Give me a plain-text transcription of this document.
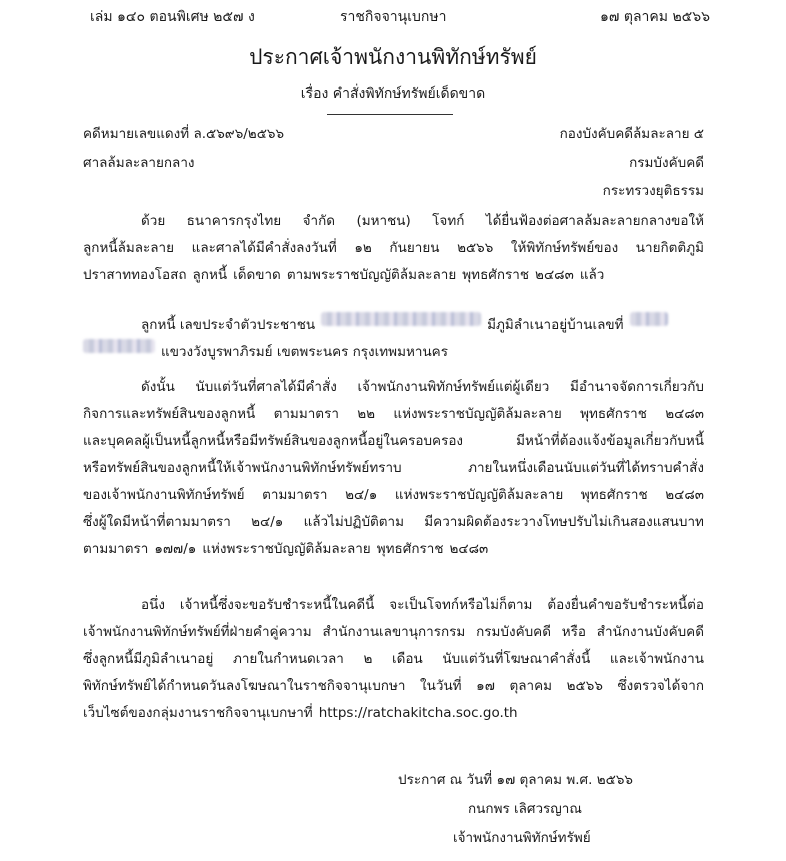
เล่ม ๑๔๐ ตอนพิเศษ ๒๕๗ ง	ราชกิจจานุเบกษา	๑๗ ตุลาคม ๒๕๖๖
ประกาศเจ้าพนักงานพิทักษ์ทรัพย์
เรื่อง คำสั่งพิทักษ์ทรัพย์เด็ดขาด
คดีหมายเลขแดงที่ ล.๕๖๙๖/๒๕๖๖
ศาลล้มละลายกลาง
กองบังคับคดีล้มละลาย ๕
กรมบังคับคดี
กระทรวงยุติธรรม
ด้วย ธนาคารกรุงไทย จำกัด (มหาชน) โจทก์ ได้ยื่นฟ้องต่อศาลล้มละลายกลางขอให้
ลูกหนี้ล้มละลาย และศาลได้มีคำสั่งลงวันที่ ๑๒ กันยายน ๒๕๖๖ ให้พิทักษ์ทรัพย์ของ นายกิตติภูมิ
ปราสาททองโอสถ ลูกหนี้ เด็ดขาด ตามพระราชบัญญัติล้มละลาย พุทธศักราช ๒๔๘๓ แล้ว
ลูกหนี้ เลขประจำตัวประชาชน	มีภูมิลำเนาอยู่บ้านเลขที่
แขวงวังบูรพาภิรมย์ เขตพระนคร กรุงเทพมหานคร
ดังนั้น นับแต่วันที่ศาลได้มีคำสั่ง เจ้าพนักงานพิทักษ์ทรัพย์แต่ผู้เดียว มีอำนาจจัดการเกี่ยวกับ
กิจการและทรัพย์สินของลูกหนี้ ตามมาตรา ๒๒ แห่งพระราชบัญญัติล้มละลาย พุทธศักราช ๒๔๘๓
และบุคคลผู้เป็นหนี้ลูกหนี้หรือมีทรัพย์สินของลูกหนี้อยู่ในครอบครอง	มีหน้าที่ต้องแจ้งข้อมูลเกี่ยวกับหนี้
หรือทรัพย์สินของลูกหนี้ให้เจ้าพนักงานพิทักษ์ทรัพย์ทราบ	ภายในหนึ่งเดือนนับแต่วันที่ได้ทราบคำสั่ง
ของเจ้าพนักงานพิทักษ์ทรัพย์ ตามมาตรา ๒๔/๑ แห่งพระราชบัญญัติล้มละลาย พุทธศักราช ๒๔๘๓
ซึ่งผู้ใดมีหน้าที่ตามมาตรา ๒๔/๑ แล้วไม่ปฏิบัติตาม มีความผิดต้องระวางโทษปรับไม่เกินสองแสนบาท
ตามมาตรา ๑๗๗/๑ แห่งพระราชบัญญัติล้มละลาย พุทธศักราช ๒๔๘๓
อนึ่ง เจ้าหนี้ซึ่งจะขอรับชำระหนี้ในคดีนี้ จะเป็นโจทก์หรือไม่ก็ตาม ต้องยื่นคำขอรับชำระหนี้ต่อ
เจ้าพนักงานพิทักษ์ทรัพย์ที่ฝ่ายคำคู่ความ สำนักงานเลขานุการกรม กรมบังคับคดี หรือ สำนักงานบังคับคดี
ซึ่งลูกหนี้มีภูมิลำเนาอยู่ ภายในกำหนดเวลา ๒ เดือน นับแต่วันที่โฆษณาคำสั่งนี้ และเจ้าพนักงาน
พิทักษ์ทรัพย์ได้กำหนดวันลงโฆษณาในราชกิจจานุเบกษา ในวันที่ ๑๗ ตุลาคม ๒๕๖๖ ซึ่งตรวจได้จาก
เว็บไซต์ของกลุ่มงานราชกิจจานุเบกษาที่ https://ratchakitcha.soc.go.th
ประกาศ ณ วันที่ ๑๗ ตุลาคม พ.ศ. ๒๕๖๖
กนกพร เลิศวรญาณ
เจ้าพนักงานพิทักษ์ทรัพย์
